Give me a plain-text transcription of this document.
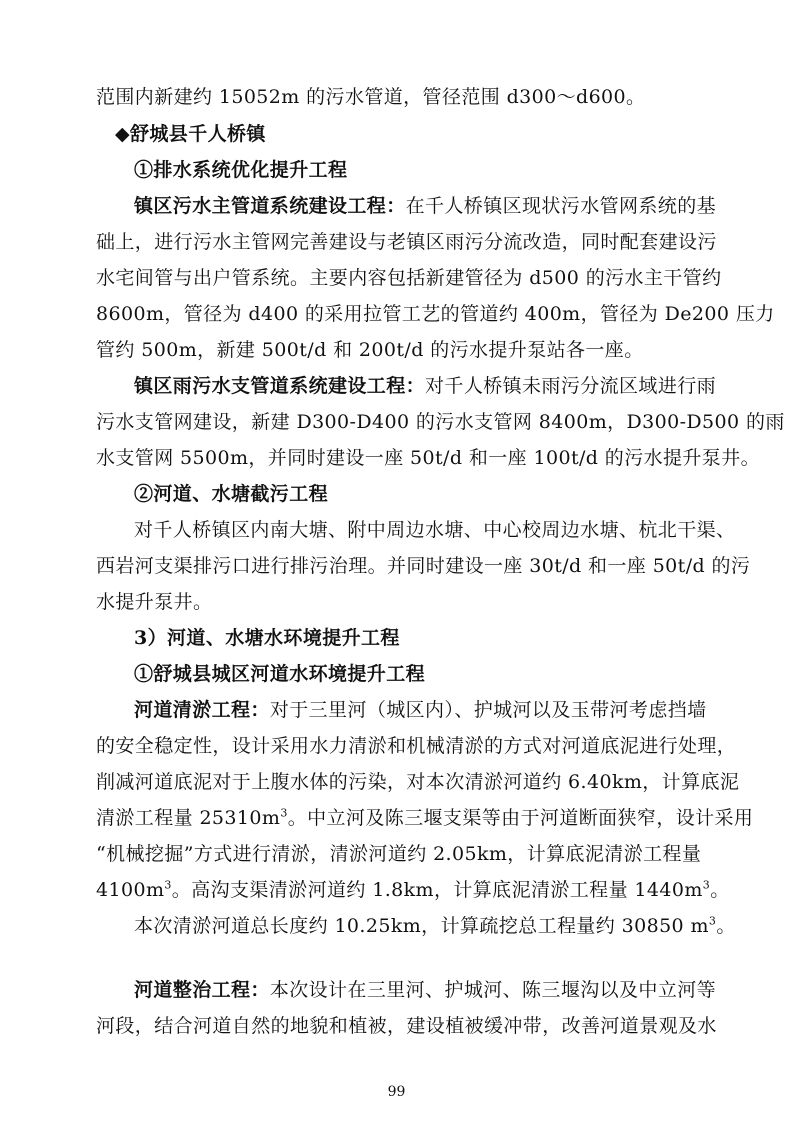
范围内新建约 15052m 的污水管道，管径范围 d300～d600。
◆舒城县千人桥镇
①排水系统优化提升工程
镇区污水主管道系统建设工程：在千人桥镇区现状污水管网系统的基
础上，进行污水主管网完善建设与老镇区雨污分流改造，同时配套建设污
水宅间管与出户管系统。主要内容包括新建管径为 d500 的污水主干管约
8600m，管径为 d400 的采用拉管工艺的管道约 400m，管径为 De200 压力
管约 500m，新建 500t/d 和 200t/d 的污水提升泵站各一座。
镇区雨污水支管道系统建设工程：对千人桥镇未雨污分流区域进行雨
污水支管网建设，新建 D300-D400 的污水支管网 8400m，D300-D500 的雨
水支管网 5500m，并同时建设一座 50t/d 和一座 100t/d 的污水提升泵井。
②河道、水塘截污工程
对千人桥镇区内南大塘、附中周边水塘、中心校周边水塘、杭北干渠、
西岩河支渠排污口进行排污治理。并同时建设一座 30t/d 和一座 50t/d 的污
水提升泵井。
3）河道、水塘水环境提升工程
①舒城县城区河道水环境提升工程
河道清淤工程：对于三里河（城区内）、护城河以及玉带河考虑挡墙
的安全稳定性，设计采用水力清淤和机械清淤的方式对河道底泥进行处理，
削减河道底泥对于上腹水体的污染，对本次清淤河道约 6.40km，计算底泥
清淤工程量 $25310m^3$。中立河及陈三堰支渠等由于河道断面狭窄，设计采用
“机械挖掘”方式进行清淤，清淤河道约 2.05km，计算底泥清淤工程量
$4100m^3$。高沟支渠清淤河道约 1.8km，计算底泥清淤工程量 $1440m^3$。
本次清淤河道总长度约 10.25km，计算疏挖总工程量约 30850 $m^3$。
河道整治工程：本次设计在三里河、护城河、陈三堰沟以及中立河等
河段，结合河道自然的地貌和植被，建设植被缓冲带，改善河道景观及水
99
